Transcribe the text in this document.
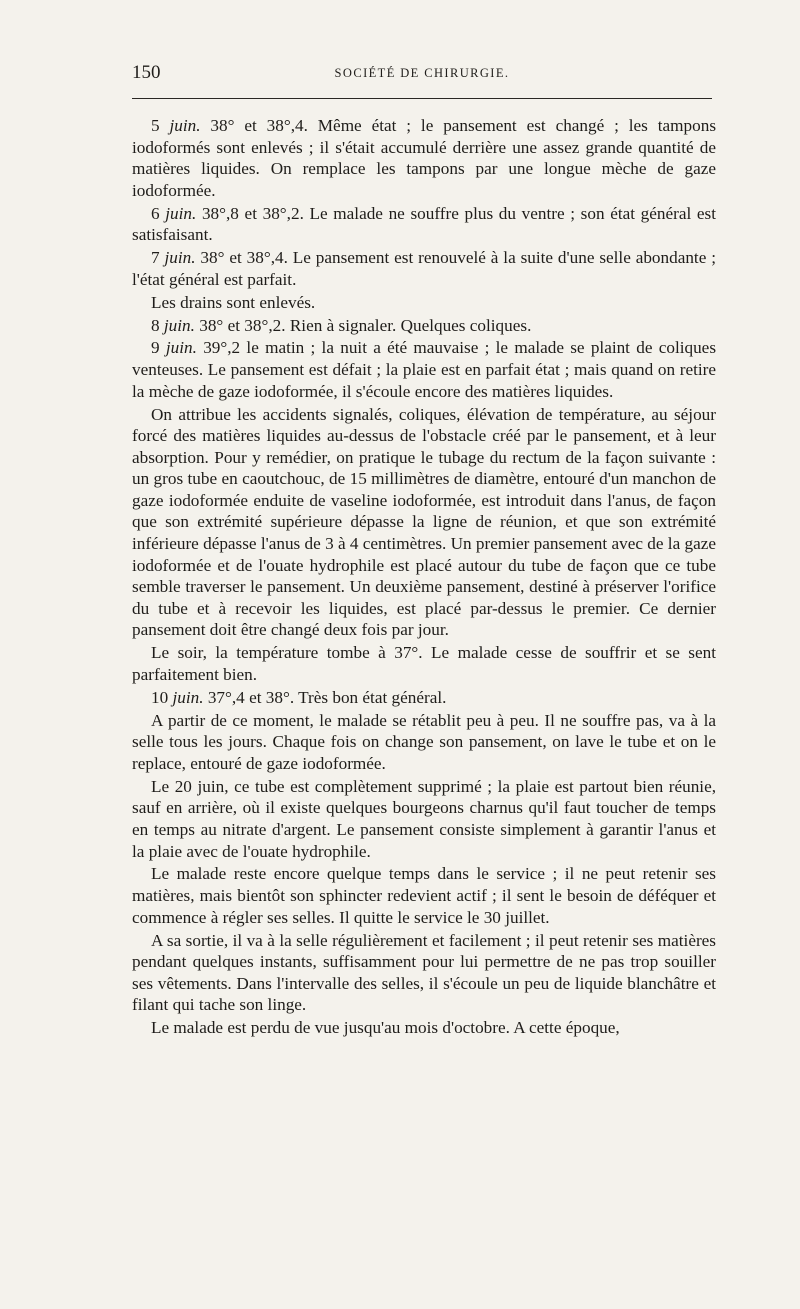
150	SOCIÉTÉ DE CHIRURGIE.

5 juin. 38° et 38°,4. Même état ; le pansement est changé ; les tampons iodoformés sont enlevés ; il s'était accumulé derrière une assez grande quantité de matières liquides. On remplace les tampons par une longue mèche de gaze iodoformée.

6 juin. 38°,8 et 38°,2. Le malade ne souffre plus du ventre ; son état général est satisfaisant.

7 juin. 38° et 38°,4. Le pansement est renouvelé à la suite d'une selle abondante ; l'état général est parfait.

Les drains sont enlevés.

8 juin. 38° et 38°,2. Rien à signaler. Quelques coliques.

9 juin. 39°,2 le matin ; la nuit a été mauvaise ; le malade se plaint de coliques venteuses. Le pansement est défait ; la plaie est en parfait état ; mais quand on retire la mèche de gaze iodoformée, il s'écoule encore des matières liquides.

On attribue les accidents signalés, coliques, élévation de température, au séjour forcé des matières liquides au-dessus de l'obstacle créé par le pansement, et à leur absorption. Pour y remédier, on pratique le tubage du rectum de la façon suivante : un gros tube en caoutchouc, de 15 millimètres de diamètre, entouré d'un manchon de gaze iodoformée enduite de vaseline iodoformée, est introduit dans l'anus, de façon que son extrémité supérieure dépasse la ligne de réunion, et que son extrémité inférieure dépasse l'anus de 3 à 4 centimètres. Un premier pansement avec de la gaze iodoformée et de l'ouate hydrophile est placé autour du tube de façon que ce tube semble traverser le pansement. Un deuxième pansement, destiné à préserver l'orifice du tube et à recevoir les liquides, est placé par-dessus le premier. Ce dernier pansement doit être changé deux fois par jour.

Le soir, la température tombe à 37°. Le malade cesse de souffrir et se sent parfaitement bien.

10 juin. 37°,4 et 38°. Très bon état général.

A partir de ce moment, le malade se rétablit peu à peu. Il ne souffre pas, va à la selle tous les jours. Chaque fois on change son pansement, on lave le tube et on le replace, entouré de gaze iodoformée.

Le 20 juin, ce tube est complètement supprimé ; la plaie est partout bien réunie, sauf en arrière, où il existe quelques bourgeons charnus qu'il faut toucher de temps en temps au nitrate d'argent. Le pansement consiste simplement à garantir l'anus et la plaie avec de l'ouate hydrophile.

Le malade reste encore quelque temps dans le service ; il ne peut retenir ses matières, mais bientôt son sphincter redevient actif ; il sent le besoin de déféquer et commence à régler ses selles. Il quitte le service le 30 juillet.

A sa sortie, il va à la selle régulièrement et facilement ; il peut retenir ses matières pendant quelques instants, suffisamment pour lui permettre de ne pas trop souiller ses vêtements. Dans l'intervalle des selles, il s'écoule un peu de liquide blanchâtre et filant qui tache son linge.

Le malade est perdu de vue jusqu'au mois d'octobre. A cette époque,
